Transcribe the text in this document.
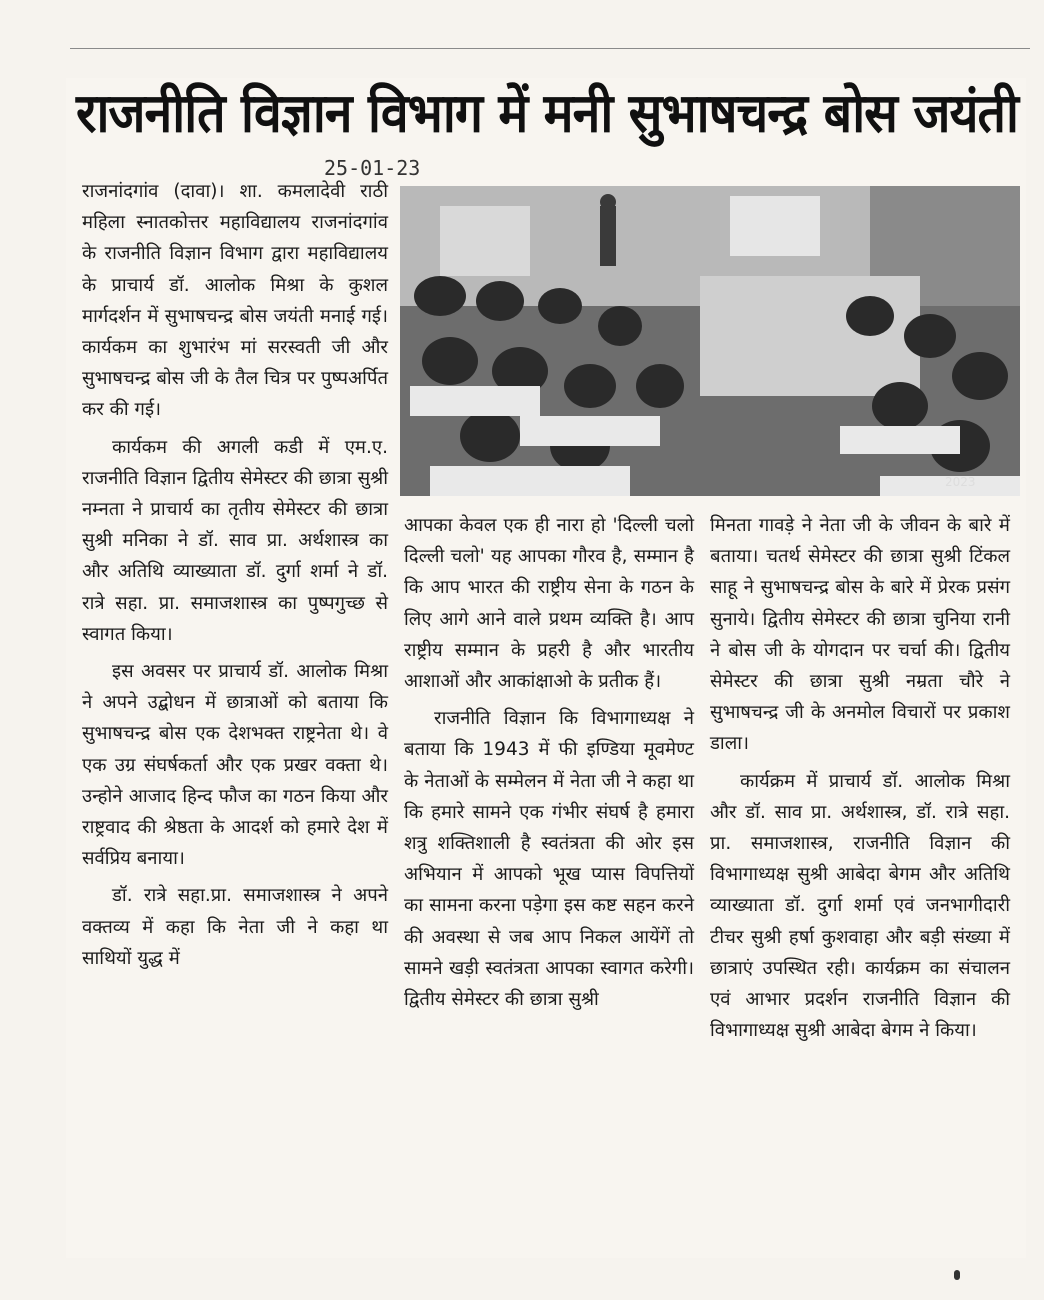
राजनीति विज्ञान विभाग में मनी सुभाषचन्द्र बोस जयंती
25-01-23

राजनांदगांव (दावा)। शा. कमलादेवी राठी महिला स्नातकोत्तर महाविद्यालय राजनांदगांव के राजनीति विज्ञान विभाग द्वारा महाविद्यालय के प्राचार्य डॉ. आलोक मिश्रा के कुशल मार्गदर्शन में सुभाषचन्द्र बोस जयंती मनाई गई। कार्यकम का शुभारंभ मां सरस्वती जी और सुभाषचन्द्र बोस जी के तैल चित्र पर पुष्पअर्पित कर की गई।

कार्यकम की अगली कडी में एम.ए. राजनीति विज्ञान द्वितीय सेमेस्टर की छात्रा सुश्री नम्नता ने प्राचार्य का तृतीय सेमेस्टर की छात्रा सुश्री मनिका ने डॉ. साव प्रा. अर्थशास्त्र का और अतिथि व्याख्याता डॉ. दुर्गा शर्मा ने डॉ. रात्रे सहा. प्रा. समाजशास्त्र का पुष्पगुच्छ से स्वागत किया।

इस अवसर पर प्राचार्य डॉ. आलोक मिश्रा ने अपने उद्बोधन में छात्राओं को बताया कि सुभाषचन्द्र बोस एक देशभक्त राष्ट्रनेता थे। वे एक उग्र संघर्षकर्ता और एक प्रखर वक्ता थे। उन्होने आजाद हिन्द फौज का गठन किया और राष्ट्रवाद की श्रेष्ठता के आदर्श को हमारे देश में सर्वप्रिय बनाया।

डॉ. रात्रे सहा.प्रा. समाजशास्त्र ने अपने वक्तव्य में कहा कि नेता जी ने कहा था साथियों युद्ध में

2023

आपका केवल एक ही नारा हो 'दिल्ली चलो दिल्ली चलो' यह आपका गौरव है, सम्मान है कि आप भारत की राष्ट्रीय सेना के गठन के लिए आगे आने वाले प्रथम व्यक्ति है। आप राष्ट्रीय सम्मान के प्रहरी है और भारतीय आशाओं और आकांक्षाओ के प्रतीक हैं।

राजनीति विज्ञान कि विभागाध्यक्ष ने बताया कि 1943 में फी इण्डिया मूवमेण्ट के नेताओं के सम्मेलन में नेता जी ने कहा था कि हमारे सामने एक गंभीर संघर्ष है हमारा शत्रु शक्तिशाली है स्वतंत्रता की ओर इस अभियान में आपको भूख प्यास विपत्तियों का सामना करना पड़ेगा इस कष्ट सहन करने की अवस्था से जब आप निकल आयेंगें तो सामने खड़ी स्वतंत्रता आपका स्वागत करेगी। द्वितीय सेमेस्टर की छात्रा सुश्री

मिनता गावड़े ने नेता जी के जीवन के बारे में बताया। चतर्थ सेमेस्टर की छात्रा सुश्री टिंकल साहू ने सुभाषचन्द्र बोस के बारे में प्रेरक प्रसंग सुनाये। द्वितीय सेमेस्टर की छात्रा चुनिया रानी ने बोस जी के योगदान पर चर्चा की। द्वितीय सेमेस्टर की छात्रा सुश्री नम्रता चौरे ने सुभाषचन्द्र जी के अनमोल विचारों पर प्रकाश डाला।

कार्यक्रम में प्राचार्य डॉ. आलोक मिश्रा और डॉ. साव प्रा. अर्थशास्त्र, डॉ. रात्रे सहा. प्रा. समाजशास्त्र, राजनीति विज्ञान की विभागाध्यक्ष सुश्री आबेदा बेगम और अतिथि व्याख्याता डॉ. दुर्गा शर्मा एवं जनभागीदारी टीचर सुश्री हर्षा कुशवाहा और बड़ी संख्या में छात्राएं उपस्थित रही। कार्यक्रम का संचालन एवं आभार प्रदर्शन राजनीति विज्ञान की विभागाध्यक्ष सुश्री आबेदा बेगम ने किया।
